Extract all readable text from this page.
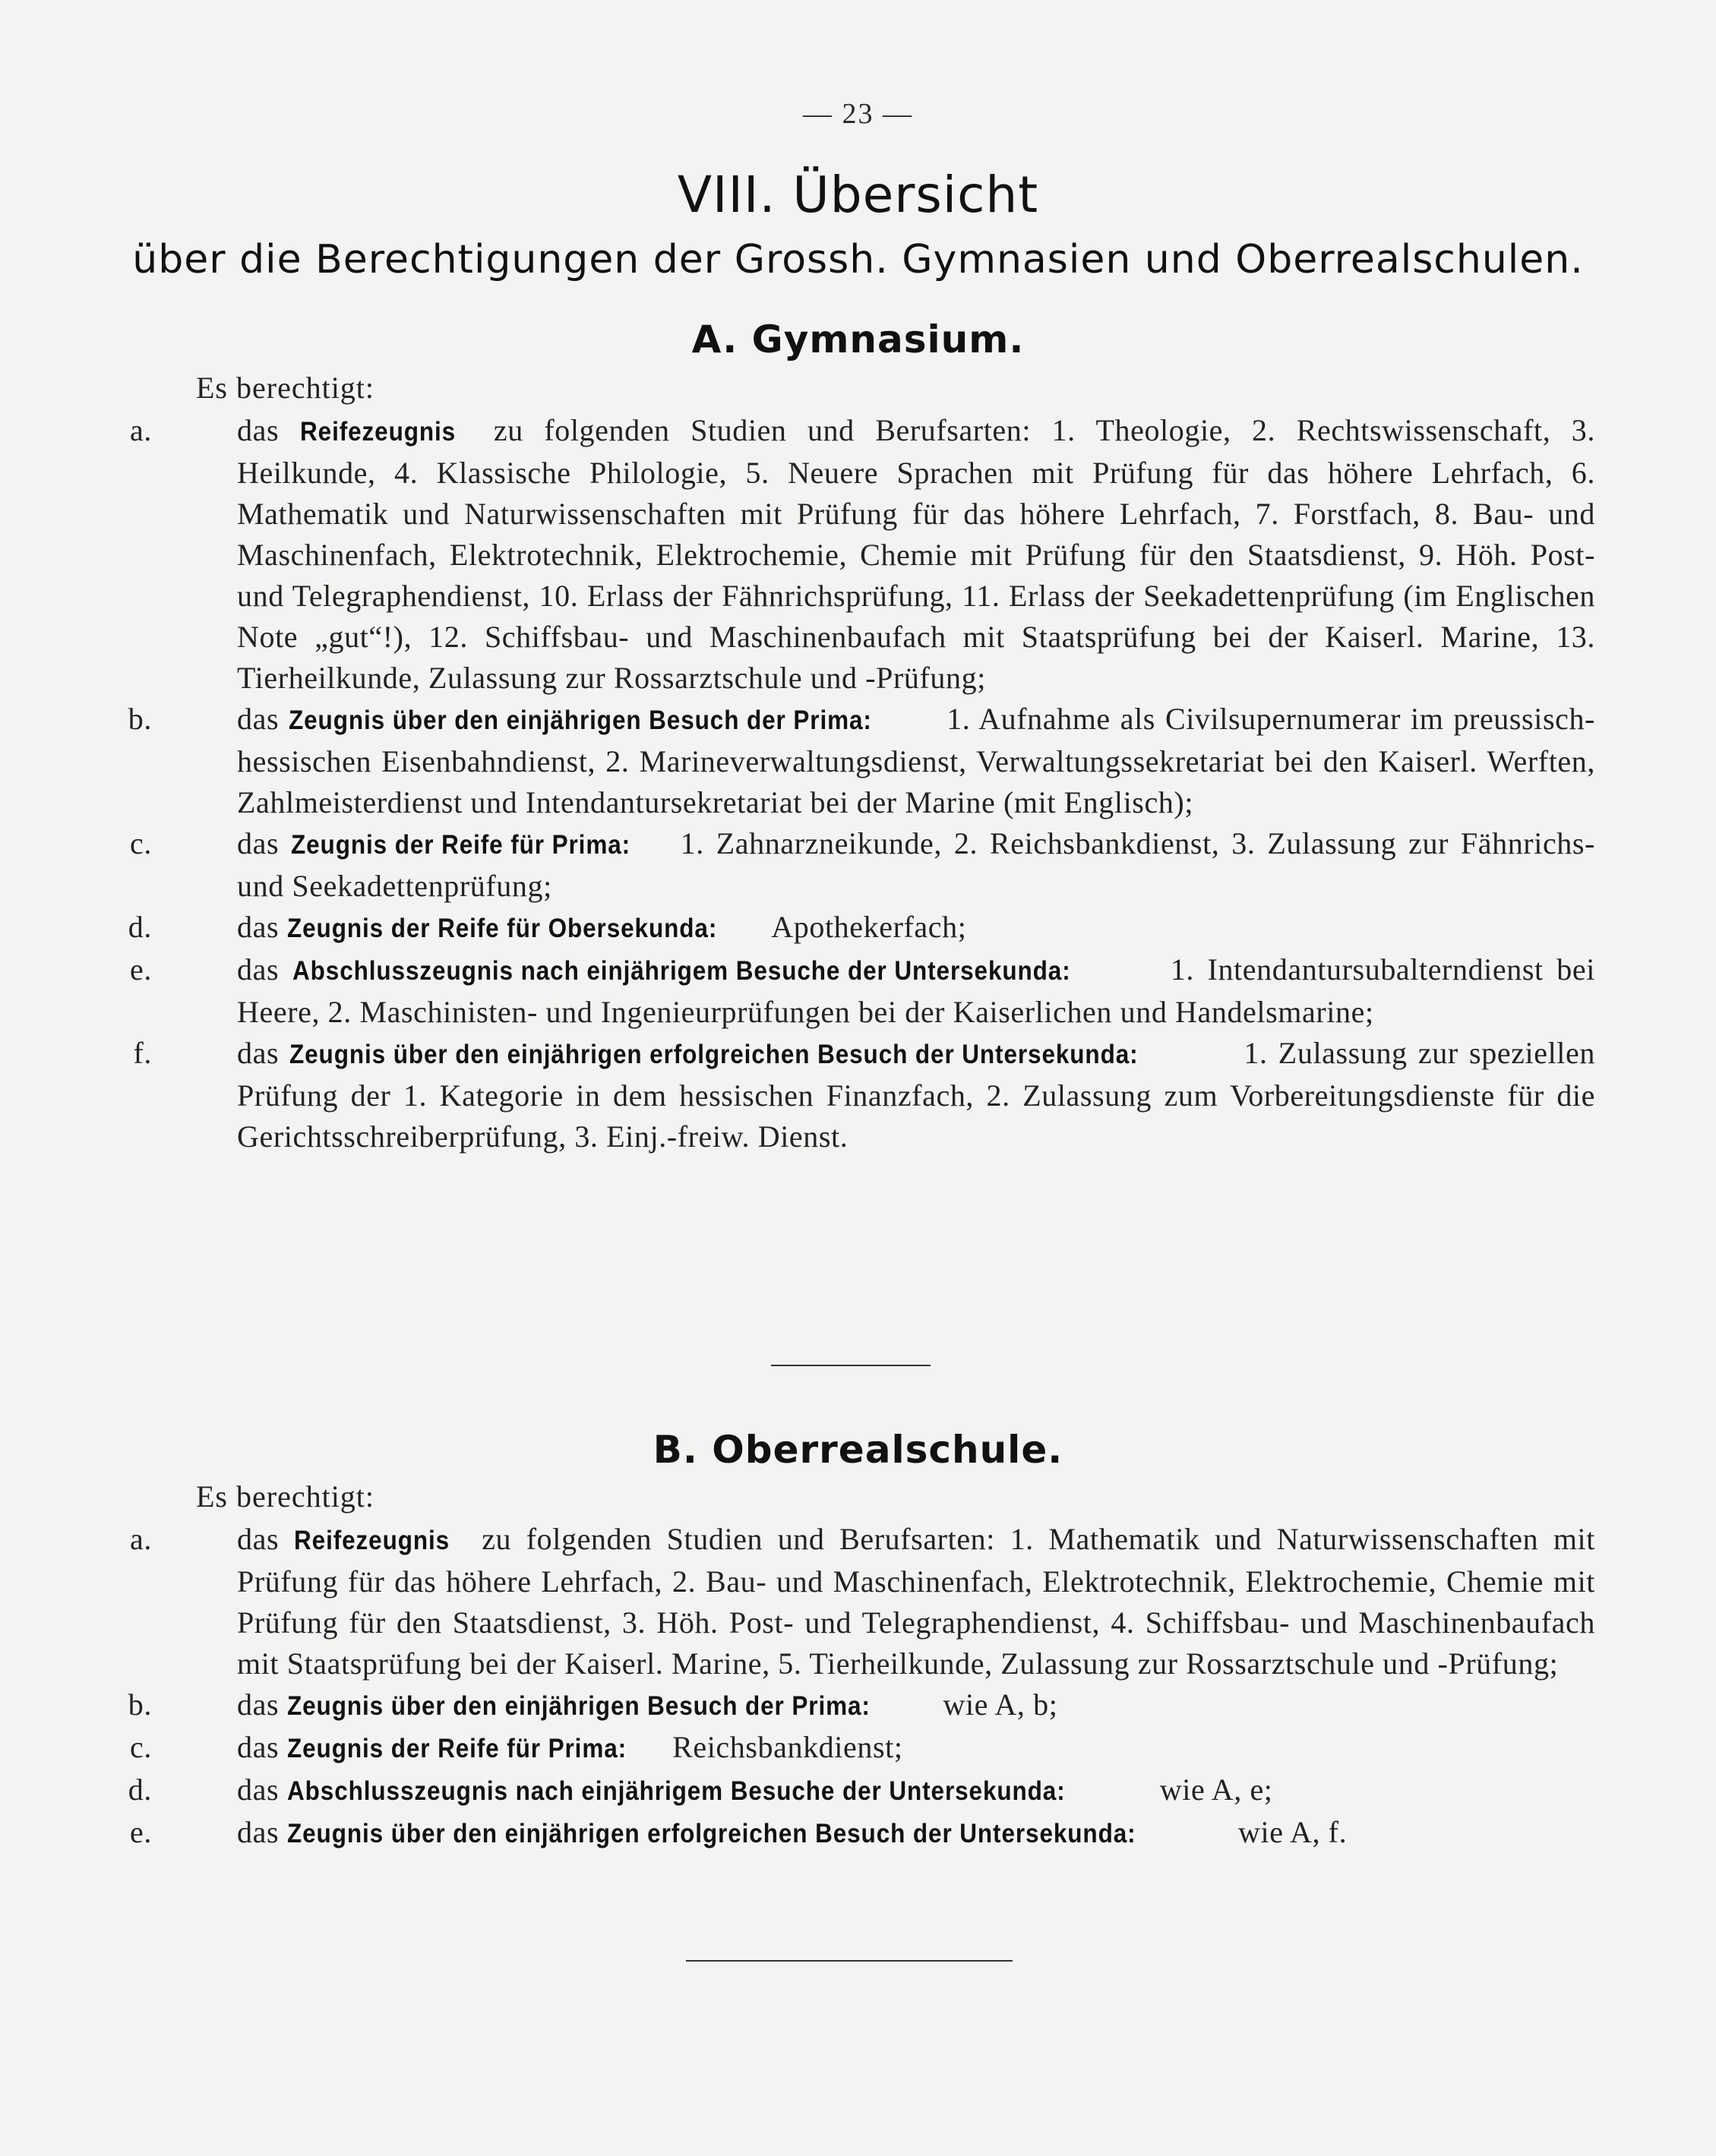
— 23 —
VIII. Übersicht
über die Berechtigungen der Grossh. Gymnasien und Oberrealschulen.
A. Gymnasium.
Es berechtigt:
a.	das Reifezeugnis zu folgenden Studien und Berufsarten: 1. Theologie, 2. Rechtswissenschaft, 3. Heilkunde, 4. Klassische Philologie, 5. Neuere Sprachen mit Prüfung für das höhere Lehrfach, 6. Mathematik und Naturwissenschaften mit Prüfung für das höhere Lehrfach, 7. Forstfach, 8. Bau- und Maschinenfach, Elektrotechnik, Elektrochemie, Chemie mit Prüfung für den Staatsdienst, 9. Höh. Post- und Telegraphendienst, 10. Erlass der Fähnrichsprüfung, 11. Erlass der Seekadettenprüfung (im Englischen Note „gut“!), 12. Schiffsbau- und Maschinenbaufach mit Staatsprüfung bei der Kaiserl. Marine, 13. Tierheilkunde, Zulassung zur Rossarztschule und -Prüfung;
b.	das Zeugnis über den einjährigen Besuch der Prima: 1. Aufnahme als Civilsupernumerar im preussisch-hessischen Eisenbahndienst, 2. Marineverwaltungsdienst, Verwaltungssekretariat bei den Kaiserl. Werften, Zahlmeisterdienst und Intendantursekretariat bei der Marine (mit Englisch);
c.	das Zeugnis der Reife für Prima: 1. Zahnarzneikunde, 2. Reichsbankdienst, 3. Zulassung zur Fähnrichs- und Seekadettenprüfung;
d.	das Zeugnis der Reife für Obersekunda: Apothekerfach;
e.	das Abschlusszeugnis nach einjährigem Besuche der Untersekunda:	1. Intendantursubalterndienst bei Heere, 2. Maschinisten- und Ingenieurprüfungen bei der Kaiserlichen und Handelsmarine;
f.	das Zeugnis über den einjährigen erfolgreichen Besuch der Untersekunda:	1. Zulassung zur speziellen Prüfung der 1. Kategorie in dem hessischen Finanzfach, 2. Zulassung zum Vorbereitungsdienste für die Gerichtsschreiberprüfung, 3. Einj.-freiw. Dienst.
B. Oberrealschule.
Es berechtigt:
a.	das Reifezeugnis zu folgenden Studien und Berufsarten: 1. Mathematik und Naturwissenschaften mit Prüfung für das höhere Lehrfach, 2. Bau- und Maschinenfach, Elektrotechnik, Elektrochemie, Chemie mit Prüfung für den Staatsdienst, 3. Höh. Post- und Telegraphendienst, 4. Schiffsbau- und Maschinenbaufach mit Staatsprüfung bei der Kaiserl. Marine, 5. Tierheilkunde, Zulassung zur Rossarztschule und -Prüfung;
b.	das Zeugnis über den einjährigen Besuch der Prima: wie A, b;
c.	das Zeugnis der Reife für Prima: Reichsbankdienst;
d.	das Abschlusszeugnis nach einjährigem Besuche der Untersekunda:	wie A, e;
e.	das Zeugnis über den einjährigen erfolgreichen Besuch der Untersekunda:	wie A, f.
